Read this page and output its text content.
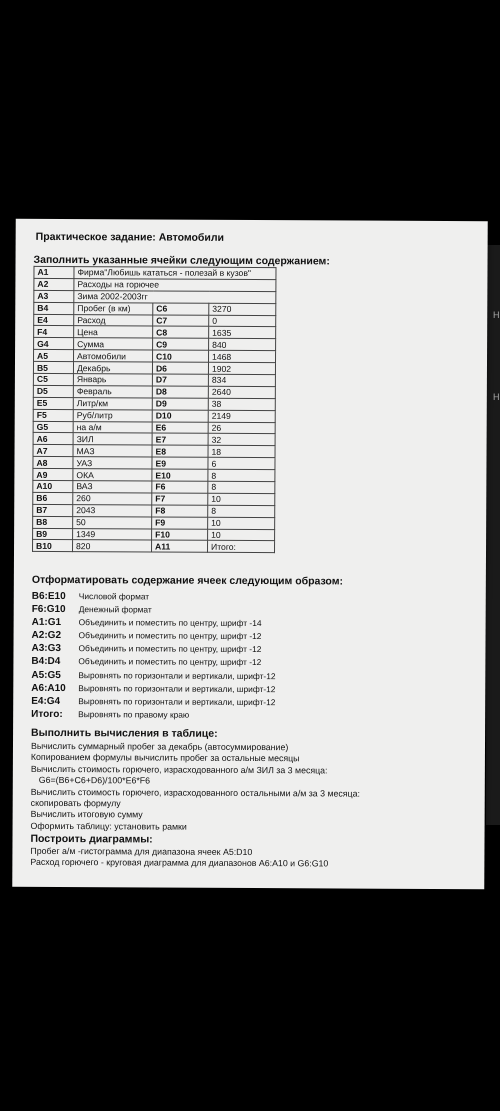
Н
Н
Практическое задание: Автомобили
Заполнить указанные ячейки следующим содержанием:
A1	Фирма"Любишь кататься - полезай в кузов"		
A2	Расходы на горючее		
A3	Зима 2002-2003гг		
B4	Пробег (в км)	C6	3270
E4	Расход	C7	0
F4	Цена	C8	1635
G4	Сумма	C9	840
A5	Автомобили	C10	1468
B5	Декабрь	D6	1902
C5	Январь	D7	834
D5	Февраль	D8	2640
E5	Литр/км	D9	38
F5	Руб/литр	D10	2149
G5	на а/м	E6	26
A6	ЗИЛ	E7	32
A7	МАЗ	E8	18
A8	УАЗ	E9	6
A9	ОКА	E10	8
A10	ВАЗ	F6	8
B6	260	F7	10
B7	2043	F8	8
B8	50	F9	10
B9	1349	F10	10
B10	820	A11	Итого:
Отформатировать содержание ячеек следующим образом:
B6:E10	Числовой формат
F6:G10	Денежный формат
A1:G1	Объединить и поместить по центру, шрифт -14
A2:G2	Объединить и поместить по центру, шрифт -12
A3:G3	Объединить и поместить по центру, шрифт -12
B4:D4	Объединить и поместить по центру, шрифт -12
A5:G5	Выровнять по горизонтали и вертикали, шрифт-12
A6:A10	Выровнять по горизонтали и вертикали, шрифт-12
E4:G4	Выровнять по горизонтали и вертикали, шрифт-12
Итого:	Выровнять по правому краю
Выполнить вычисления в таблице:
Вычислить суммарный пробег за декабрь (автосуммирование)
Копированием формулы вычислить пробег за остальные месяцы
Вычислить стоимость горючего, израсходованного а/м ЗИЛ за 3 месяца:
G6=(B6+C6+D6)/100*E6*F6
Вычислить стоимость горючего, израсходованного остальными а/м за 3 месяца:
скопировать формулу
Вычислить итоговую сумму
Оформить таблицу: установить рамки
Построить диаграммы:
Пробег а/м -гистограмма для диапазона ячеек A5:D10
Расход горючего - круговая диаграмма для диапазонов A6:A10 и G6:G10
